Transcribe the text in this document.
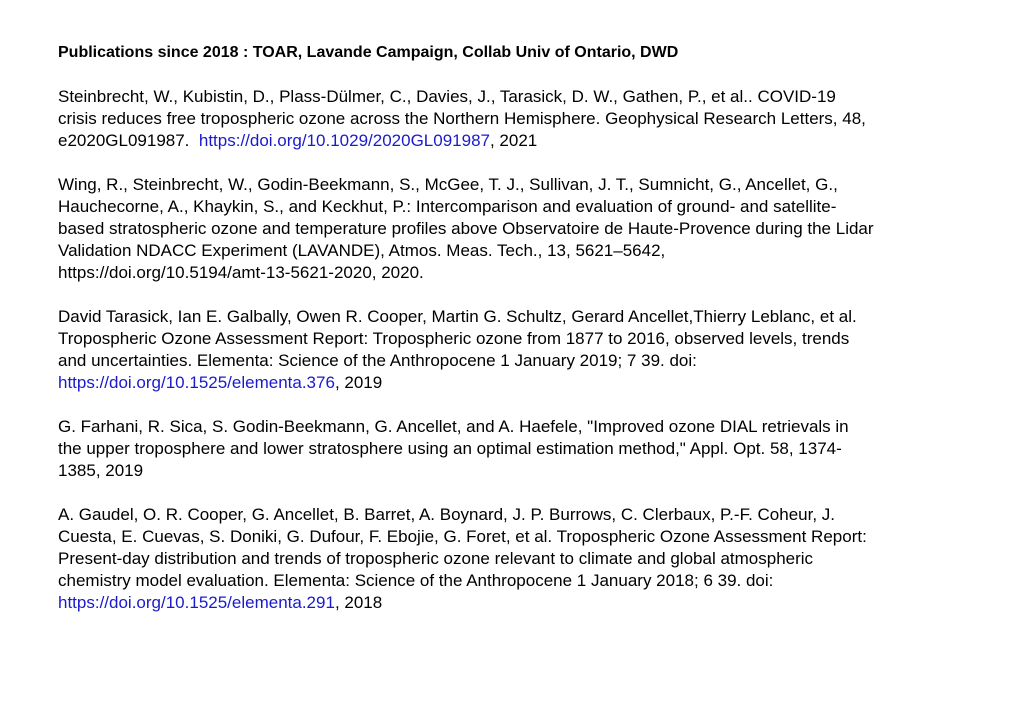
Publications since 2018 : TOAR, Lavande Campaign, Collab Univ of Ontario, DWD
Steinbrecht, W., Kubistin, D., Plass-Dülmer, C., Davies, J., Tarasick, D. W., Gathen, P., et al.. COVID-19
crisis reduces free tropospheric ozone across the Northern Hemisphere. Geophysical Research Letters, 48,
e2020GL091987.  https://doi.org/10.1029/2020GL091987, 2021
Wing, R., Steinbrecht, W., Godin-Beekmann, S., McGee, T. J., Sullivan, J. T., Sumnicht, G., Ancellet, G.,
Hauchecorne, A., Khaykin, S., and Keckhut, P.: Intercomparison and evaluation of ground- and satellite-
based stratospheric ozone and temperature profiles above Observatoire de Haute-Provence during the Lidar
Validation NDACC Experiment (LAVANDE), Atmos. Meas. Tech., 13, 5621–5642,
https://doi.org/10.5194/amt-13-5621-2020, 2020.
David Tarasick, Ian E. Galbally, Owen R. Cooper, Martin G. Schultz, Gerard Ancellet,Thierry Leblanc, et al.
Tropospheric Ozone Assessment Report: Tropospheric ozone from 1877 to 2016, observed levels, trends
and uncertainties. Elementa: Science of the Anthropocene 1 January 2019; 7 39. doi:
https://doi.org/10.1525/elementa.376, 2019
G. Farhani, R. Sica, S. Godin-Beekmann, G. Ancellet, and A. Haefele, "Improved ozone DIAL retrievals in
the upper troposphere and lower stratosphere using an optimal estimation method," Appl. Opt. 58, 1374-
1385, 2019
A. Gaudel, O. R. Cooper, G. Ancellet, B. Barret, A. Boynard, J. P. Burrows, C. Clerbaux, P.-F. Coheur, J.
Cuesta, E. Cuevas, S. Doniki, G. Dufour, F. Ebojie, G. Foret, et al. Tropospheric Ozone Assessment Report:
Present-day distribution and trends of tropospheric ozone relevant to climate and global atmospheric
chemistry model evaluation. Elementa: Science of the Anthropocene 1 January 2018; 6 39. doi:
https://doi.org/10.1525/elementa.291, 2018
